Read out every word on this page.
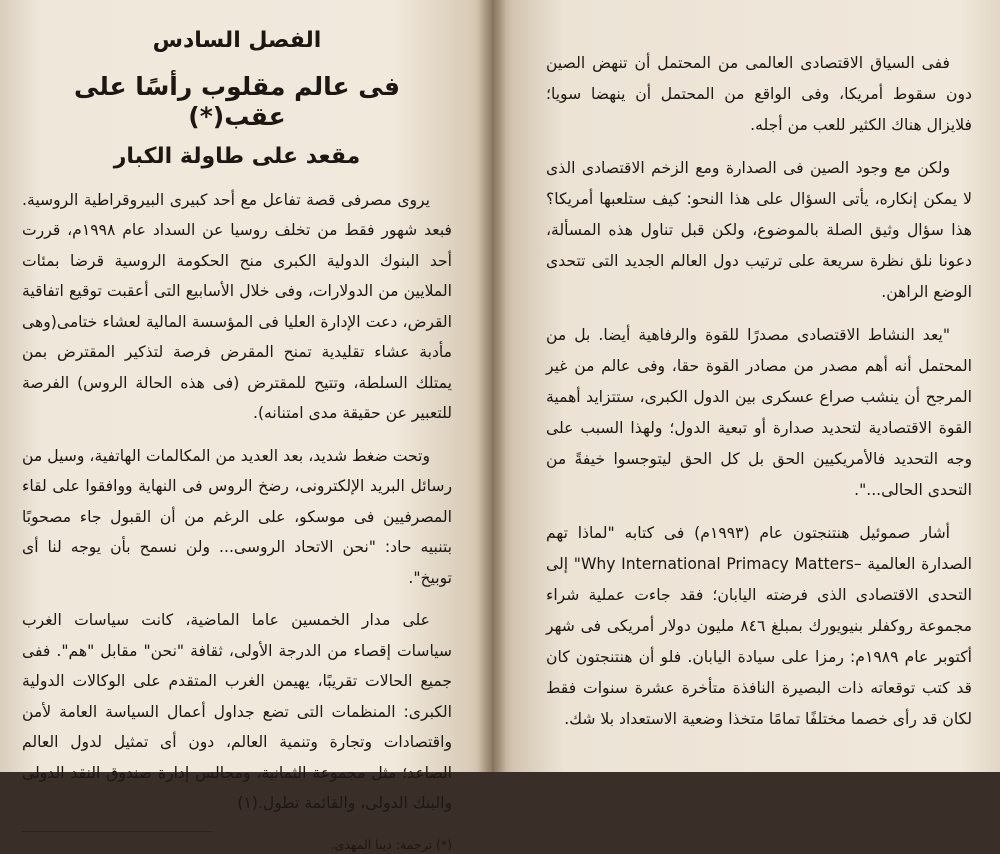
الفصل السادس
فى عالم مقلوب رأسًا على عقب(*)
مقعد على طاولة الكبار

يروى مصرفى قصة تفاعل مع أحد كبيرى البيروقراطية الروسية. فبعد شهور فقط من تخلف روسيا عن السداد عام ١٩٩٨م، قررت أحد البنوك الدولية الكبرى منح الحكومة الروسية قرضا بمئات الملايين من الدولارات، وفى خلال الأسابيع التى أعقبت توقيع اتفاقية القرض، دعت الإدارة العليا فى المؤسسة المالية لعشاء ختامى(وهى مأدبة عشاء تقليدية تمنح المقرض فرصة لتذكير المقترض بمن يمتلك السلطة، وتتيح للمقترض (فى هذه الحالة الروس) الفرصة للتعبير عن حقيقة مدى امتنانه).

وتحت ضغط شديد، بعد العديد من المكالمات الهاتفية، وسيل من رسائل البريد الإلكترونى، رضخ الروس فى النهاية ووافقوا على لقاء المصرفيين فى موسكو، على الرغم من أن القبول جاء مصحوبًا بتنبيه حاد: "نحن الاتحاد الروسى... ولن نسمح بأن يوجه لنا أى توبيخ".

على مدار الخمسين عاما الماضية، كانت سياسات الغرب سياسات إقصاء من الدرجة الأولى، ثقافة "نحن" مقابل "هم". ففى جميع الحالات تقريبًا، يهيمن الغرب المتقدم على الوكالات الدولية الكبرى: المنظمات التى تضع جداول أعمال السياسة العامة لأمن واقتصادات وتجارة وتنمية العالم، دون أى تمثيل لدول العالم الصاعد؛ مثل مجموعة الثمانية، ومجالس إدارة صندوق النقد الدولى والبنك الدولى، والقائمة تطول.(١)

(*) ترجمة: دينا المهدى.

ففى السياق الاقتصادى العالمى من المحتمل أن تنهض الصين دون سقوط أمريكا، وفى الواقع من المحتمل أن ينهضا سويا؛ فلايزال هناك الكثير للعب من أجله.

ولكن مع وجود الصين فى الصدارة ومع الزخم الاقتصادى الذى لا يمكن إنكاره، يأتى السؤال على هذا النحو: كيف ستلعبها أمريكا؟ هذا سؤال وثيق الصلة بالموضوع، ولكن قبل تناول هذه المسألة، دعونا نلق نظرة سريعة على ترتيب دول العالم الجديد التى تتحدى الوضع الراهن.

"يعد النشاط الاقتصادى مصدرًا للقوة والرفاهية أيضا. بل من المحتمل أنه أهم مصدر من مصادر القوة حقا، وفى عالم من غير المرجح أن ينشب صراع عسكرى بين الدول الكبرى، ستتزايد أهمية القوة الاقتصادية لتحديد صدارة أو تبعية الدول؛ ولهذا السبب على وجه التحديد فالأمريكيين الحق بل كل الحق ليتوجسوا خيفةً من التحدى الحالى...".

أشار صموئيل هنتنجتون عام (١٩٩٣م) فى كتابه "لماذا تهم الصدارة العالمية –Why International Primacy Matters" إلى التحدى الاقتصادى الذى فرضته اليابان؛ فقد جاءت عملية شراء مجموعة روكفلر بنيويورك بمبلغ ٨٤٦ مليون دولار أمريكى فى شهر أكتوبر عام ١٩٨٩م: رمزا على سيادة اليابان. فلو أن هنتنجتون كان قد كتب توقعاته ذات البصيرة النافذة متأخرة عشرة سنوات فقط لكان قد رأى خصما مختلفًا تمامًا متخذا وضعية الاستعداد بلا شك.
